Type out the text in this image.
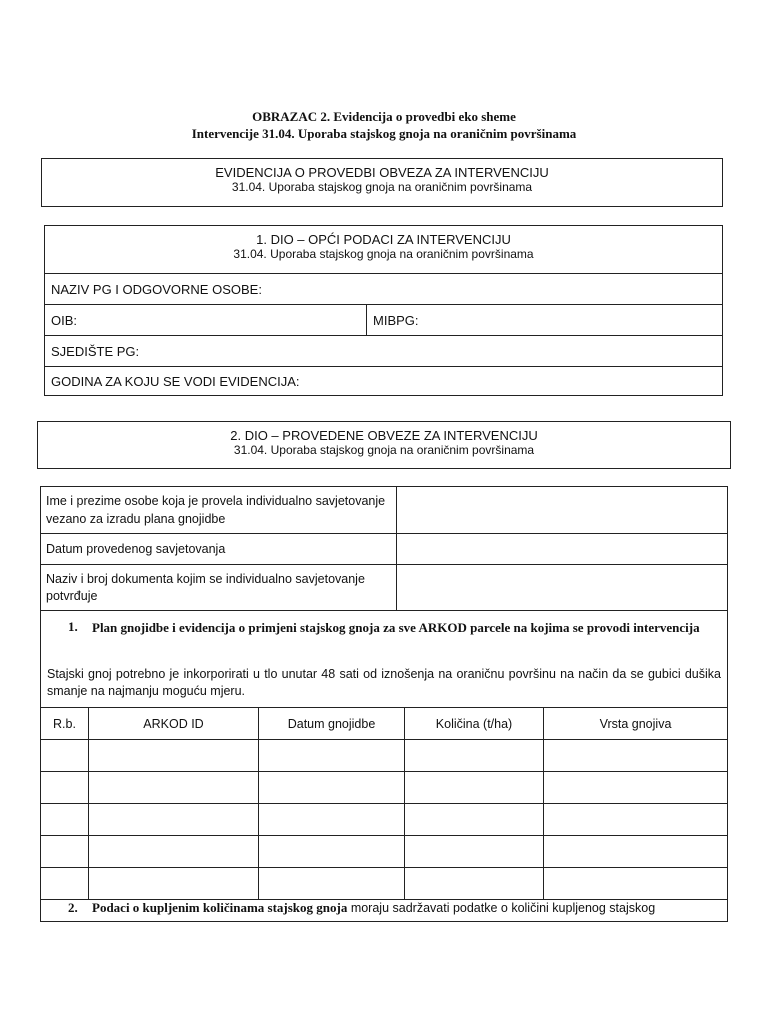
OBRAZAC 2. Evidencija o provedbi eko sheme
Intervencije 31.04. Uporaba stajskog gnoja na oraničnim površinama
EVIDENCIJA O PROVEDBI OBVEZA ZA INTERVENCIJU
31.04. Uporaba stajskog gnoja na oraničnim površinama
1. DIO – OPĆI PODACI ZA INTERVENCIJU
31.04. Uporaba stajskog gnoja na oraničnim površinama
NAZIV PG I ODGOVORNE OSOBE:
OIB:	MIBPG:
SJEDIŠTE PG:
GODINA ZA KOJU SE VODI EVIDENCIJA:
2. DIO – PROVEDENE OBVEZE ZA INTERVENCIJU
31.04. Uporaba stajskog gnoja na oraničnim površinama
Ime i prezime osobe koja je provela individualno savjetovanje vezano za izradu plana gnojidbe	
Datum provedenog savjetovanja	
Naziv i broj dokumenta kojim se individualno savjetovanje potvrđuje	
1. Plan gnojidbe i evidencija o primjeni stajskog gnoja za sve ARKOD parcele na kojima se provodi intervencija
Stajski gnoj potrebno je inkorporirati u tlo unutar 48 sati od iznošenja na oraničnu površinu na način da se gubici dušika smanje na najmanju moguću mjeru.
R.b.	ARKOD ID	Datum gnojidbe	Količina (t/ha)	Vrsta gnojiva

2. Podaci o kupljenim količinama stajskog gnoja moraju sadržavati podatke o količini kupljenog stajskog
